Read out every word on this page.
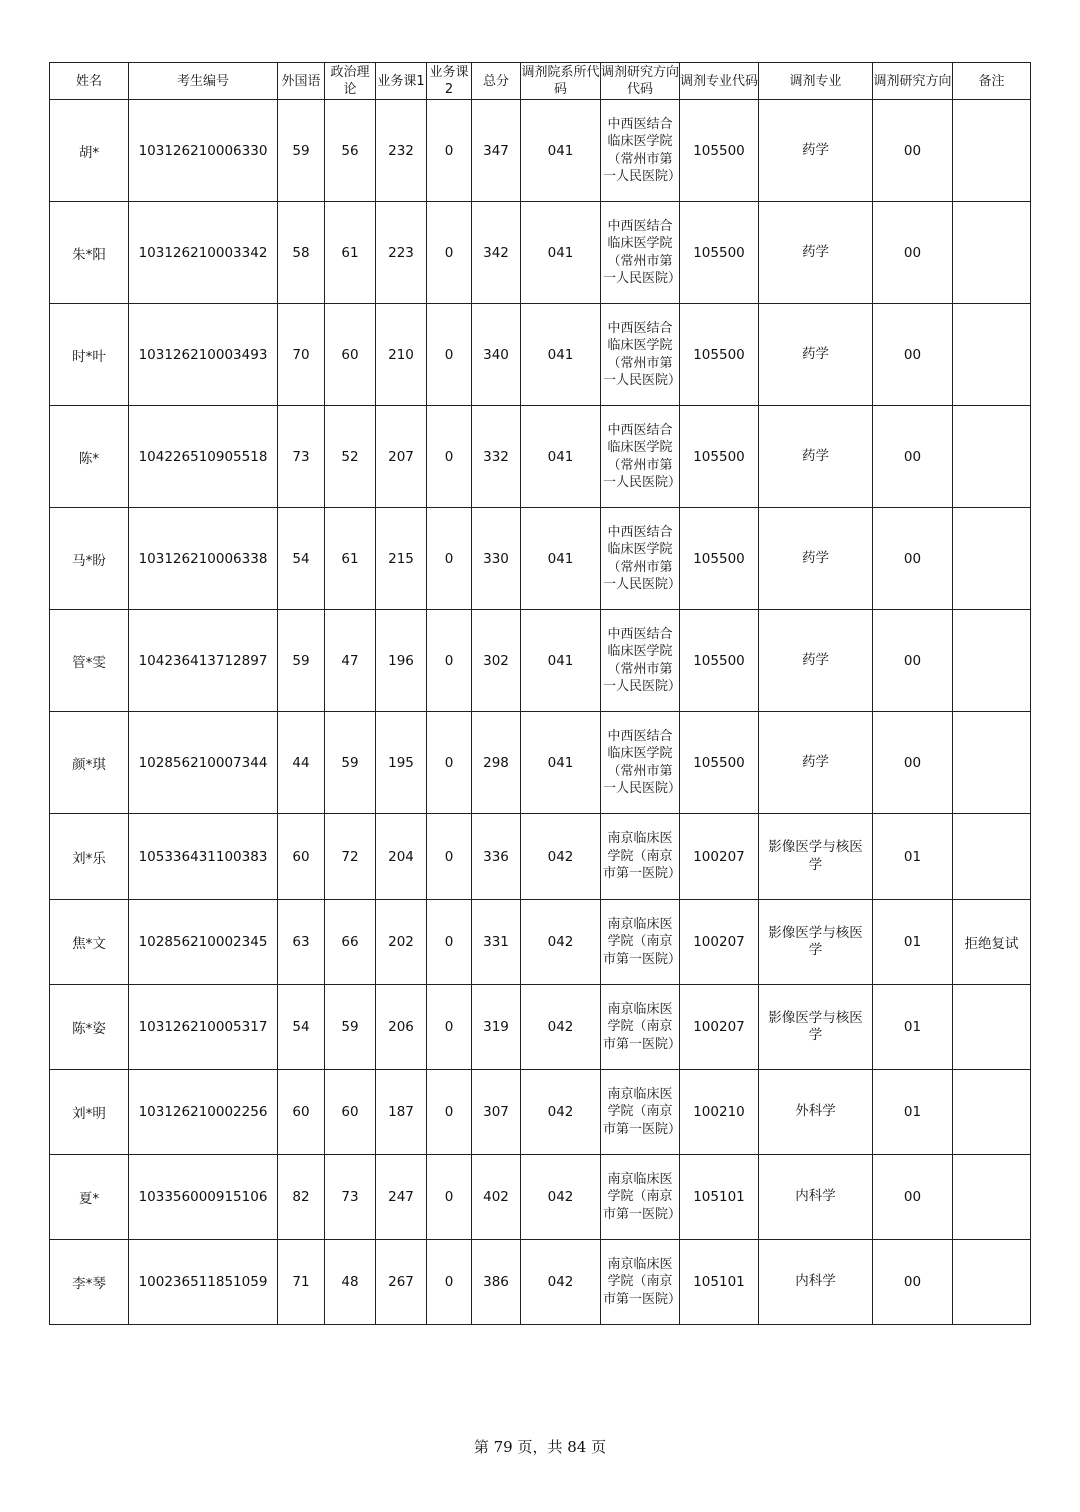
姓名	考生编号	外国语	政治理论	业务课1	业务课2	总分	调剂院系所代码	调剂研究方向代码	调剂专业代码	调剂专业	调剂研究方向	备注
胡*	103126210006330	59	56	232	0	347	041	中西医结合临床医学院（常州市第一人民医院）	105500	药学	00	
朱*阳	103126210003342	58	61	223	0	342	041	中西医结合临床医学院（常州市第一人民医院）	105500	药学	00	
时*叶	103126210003493	70	60	210	0	340	041	中西医结合临床医学院（常州市第一人民医院）	105500	药学	00	
陈*	104226510905518	73	52	207	0	332	041	中西医结合临床医学院（常州市第一人民医院）	105500	药学	00	
马*盼	103126210006338	54	61	215	0	330	041	中西医结合临床医学院（常州市第一人民医院）	105500	药学	00	
管*雯	104236413712897	59	47	196	0	302	041	中西医结合临床医学院（常州市第一人民医院）	105500	药学	00	
颜*琪	102856210007344	44	59	195	0	298	041	中西医结合临床医学院（常州市第一人民医院）	105500	药学	00	
刘*乐	105336431100383	60	72	204	0	336	042	南京临床医学院（南京市第一医院）	100207	影像医学与核医学	01	
焦*文	102856210002345	63	66	202	0	331	042	南京临床医学院（南京市第一医院）	100207	影像医学与核医学	01	拒绝复试
陈*姿	103126210005317	54	59	206	0	319	042	南京临床医学院（南京市第一医院）	100207	影像医学与核医学	01	
刘*明	103126210002256	60	60	187	0	307	042	南京临床医学院（南京市第一医院）	100210	外科学	01	
夏*	103356000915106	82	73	247	0	402	042	南京临床医学院（南京市第一医院）	105101	内科学	00	
李*琴	100236511851059	71	48	267	0	386	042	南京临床医学院（南京市第一医院）	105101	内科学	00	
第 79 页，共 84 页
